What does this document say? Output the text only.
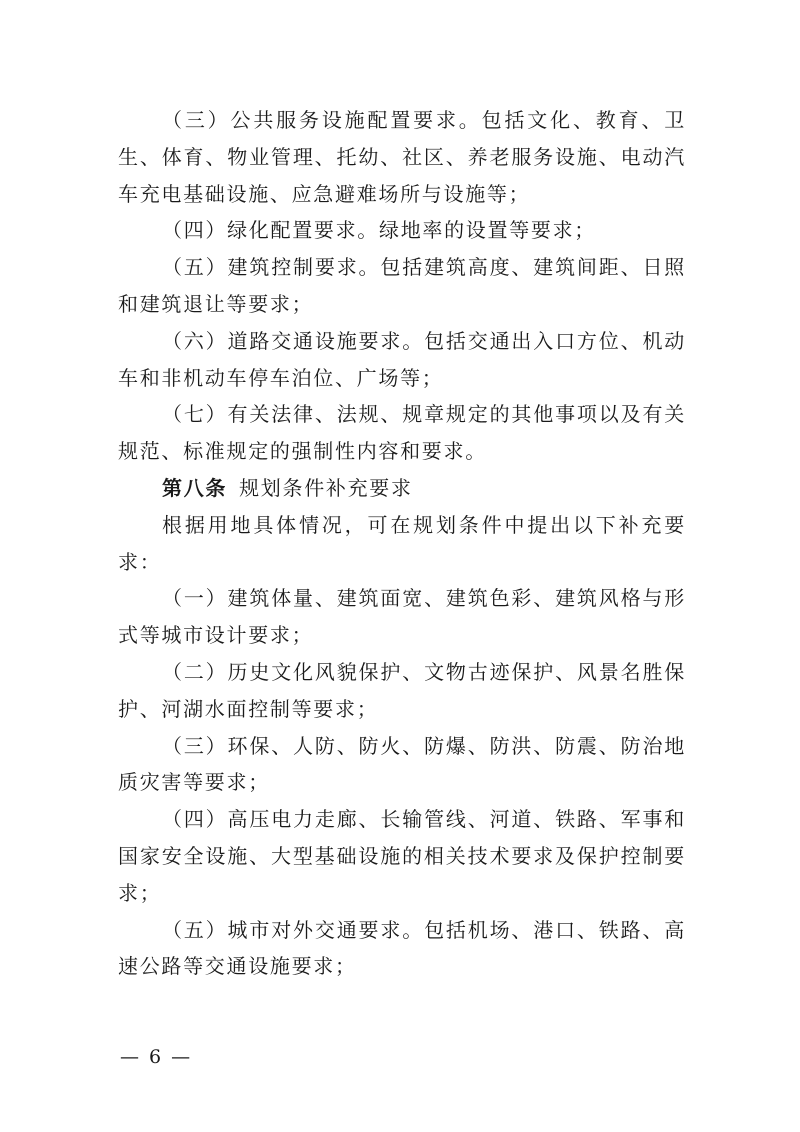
（三）公共服务设施配置要求。包括文化、教育、卫生、体育、物业管理、托幼、社区、养老服务设施、电动汽车充电基础设施、应急避难场所与设施等；

（四）绿化配置要求。绿地率的设置等要求；

（五）建筑控制要求。包括建筑高度、建筑间距、日照和建筑退让等要求；

（六）道路交通设施要求。包括交通出入口方位、机动车和非机动车停车泊位、广场等；

（七）有关法律、法规、规章规定的其他事项以及有关规范、标准规定的强制性内容和要求。

第八条 规划条件补充要求

根据用地具体情况，可在规划条件中提出以下补充要求：

（一）建筑体量、建筑面宽、建筑色彩、建筑风格与形式等城市设计要求；

（二）历史文化风貌保护、文物古迹保护、风景名胜保护、河湖水面控制等要求；

（三）环保、人防、防火、防爆、防洪、防震、防治地质灾害等要求；

（四）高压电力走廊、长输管线、河道、铁路、军事和国家安全设施、大型基础设施的相关技术要求及保护控制要求；

（五）城市对外交通要求。包括机场、港口、铁路、高速公路等交通设施要求；

— 6 —
